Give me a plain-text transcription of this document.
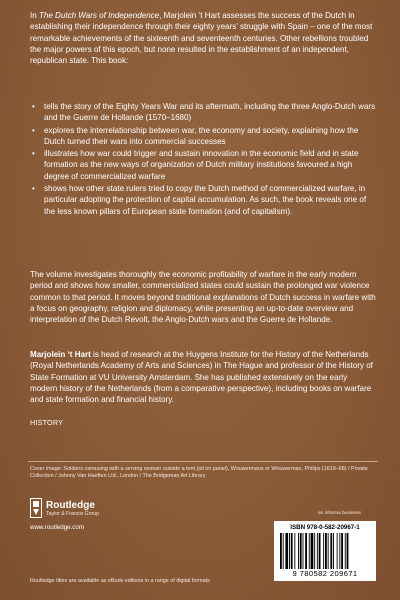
In The Dutch Wars of Independence, Marjolein ‘t Hart assesses the success of the Dutch in establishing their independence through their eighty years’ struggle with Spain – one of the most remarkable achievements of the sixteenth and seventeenth centuries. Other rebellions troubled the major powers of this epoch, but none resulted in the establishment of an independent, republican state. This book:

• tells the story of the Eighty Years War and its aftermath, including the three Anglo-Dutch wars and the Guerre de Hollande (1570–1680)
• explores the interrelationship between war, the economy and society, explaining how the Dutch turned their wars into commercial successes
• illustrates how war could trigger and sustain innovation in the economic field and in state formation as the new ways of organization of Dutch military institutions favoured a high degree of commercialized warfare
• shows how other state rulers tried to copy the Dutch method of commercialized warfare, in particular adopting the protection of capital accumulation. As such, the book reveals one of the less known pillars of European state formation (and of capitalism).

The volume investigates thoroughly the economic profitability of warfare in the early modern period and shows how smaller, commercialized states could sustain the prolonged war violence common to that period. It moves beyond traditional explanations of Dutch success in warfare with a focus on geography, religion and diplomacy, while presenting an up-to-date overview and interpretation of the Dutch Revolt, the Anglo-Dutch wars and the Guerre de Hollande.

Marjolein ‘t Hart is head of research at the Huygens Institute for the History of the Netherlands (Royal Netherlands Academy of Arts and Sciences) in The Hague and professor of the History of State Formation at VU University Amsterdam. She has published extensively on the early modern history of the Netherlands (from a comparative perspective), including books on warfare and state formation and financial history.

HISTORY

Cover image: Soldiers carousing with a serving woman outside a tent (oil on panel), Wouwermans or Wouwerman, Philips (1619–68) / Private Collection / Johnny Van Haeften Ltd., London / The Bridgeman Art Library

Routledge

Taylor & Francis Group

www.routledge.com

an informa business

ISBN 978-0-582-20967-1
9 780582 209671

Routledge titles are available as eBook editions in a range of digital formats
